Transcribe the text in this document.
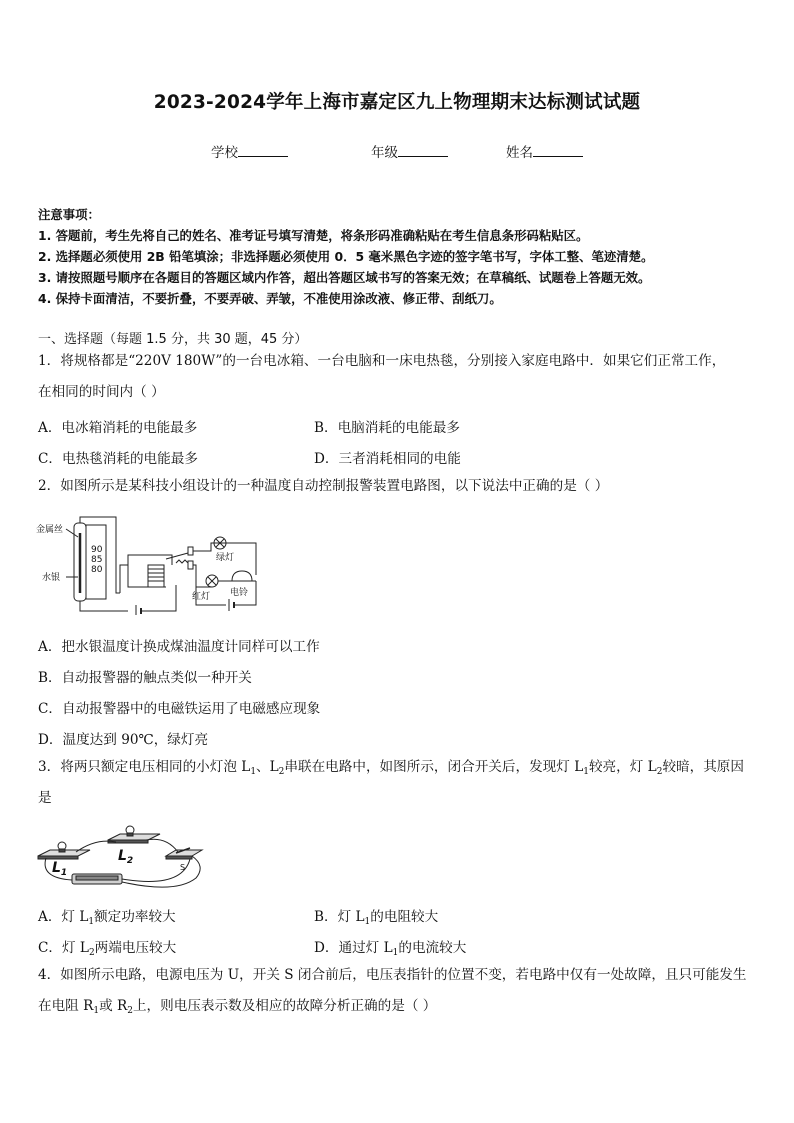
2023-2024学年上海市嘉定区九上物理期末达标测试试题
学校	年级	姓名
注意事项：
1. 答题前，考生先将自己的姓名、准考证号填写清楚，将条形码准确粘贴在考生信息条形码粘贴区。
2. 选择题必须使用 2B 铅笔填涂；非选择题必须使用 0．5 毫米黑色字迹的签字笔书写，字体工整、笔迹清楚。
3. 请按照题号顺序在各题目的答题区域内作答，超出答题区域书写的答案无效；在草稿纸、试题卷上答题无效。
4. 保持卡面清洁，不要折叠，不要弄破、弄皱，不准使用涂改液、修正带、刮纸刀。
一、选择题（每题 1.5 分，共 30 题，45 分）
1．将规格都是“220V 180W”的一台电冰箱、一台电脑和一床电热毯，分别接入家庭电路中．如果它们正常工作，
在相同的时间内（ ）
A．电冰箱消耗的电能最多	B．电脑消耗的电能最多
C．电热毯消耗的电能最多	D．三者消耗相同的电能
2．如图所示是某科技小组设计的一种温度自动控制报警装置电路图，以下说法中正确的是（ ）
金属丝
水银
90
85
80
绿灯
红灯 电铃
A．把水银温度计换成煤油温度计同样可以工作
B．自动报警器的触点类似一种开关
C．自动报警器中的电磁铁运用了电磁感应现象
D．温度达到 90℃，绿灯亮
3．将两只额定电压相同的小灯泡 $L_1$、$L_2$串联在电路中，如图所示，闭合开关后，发现灯 $L_1$较亮，灯 $L_2$较暗，其原因
是
$L_1$
$L_2$
S
A．灯 $L_1$额定功率较大	B．灯 $L_1$的电阻较大
C．灯 $L_2$两端电压较大	D．通过灯 $L_1$的电流较大
4．如图所示电路，电源电压为 U，开关 S 闭合前后，电压表指针的位置不变，若电路中仅有一处故障，且只可能发生
在电阻 $R_1$或 $R_2$上，则电压表示数及相应的故障分析正确的是（ ）
